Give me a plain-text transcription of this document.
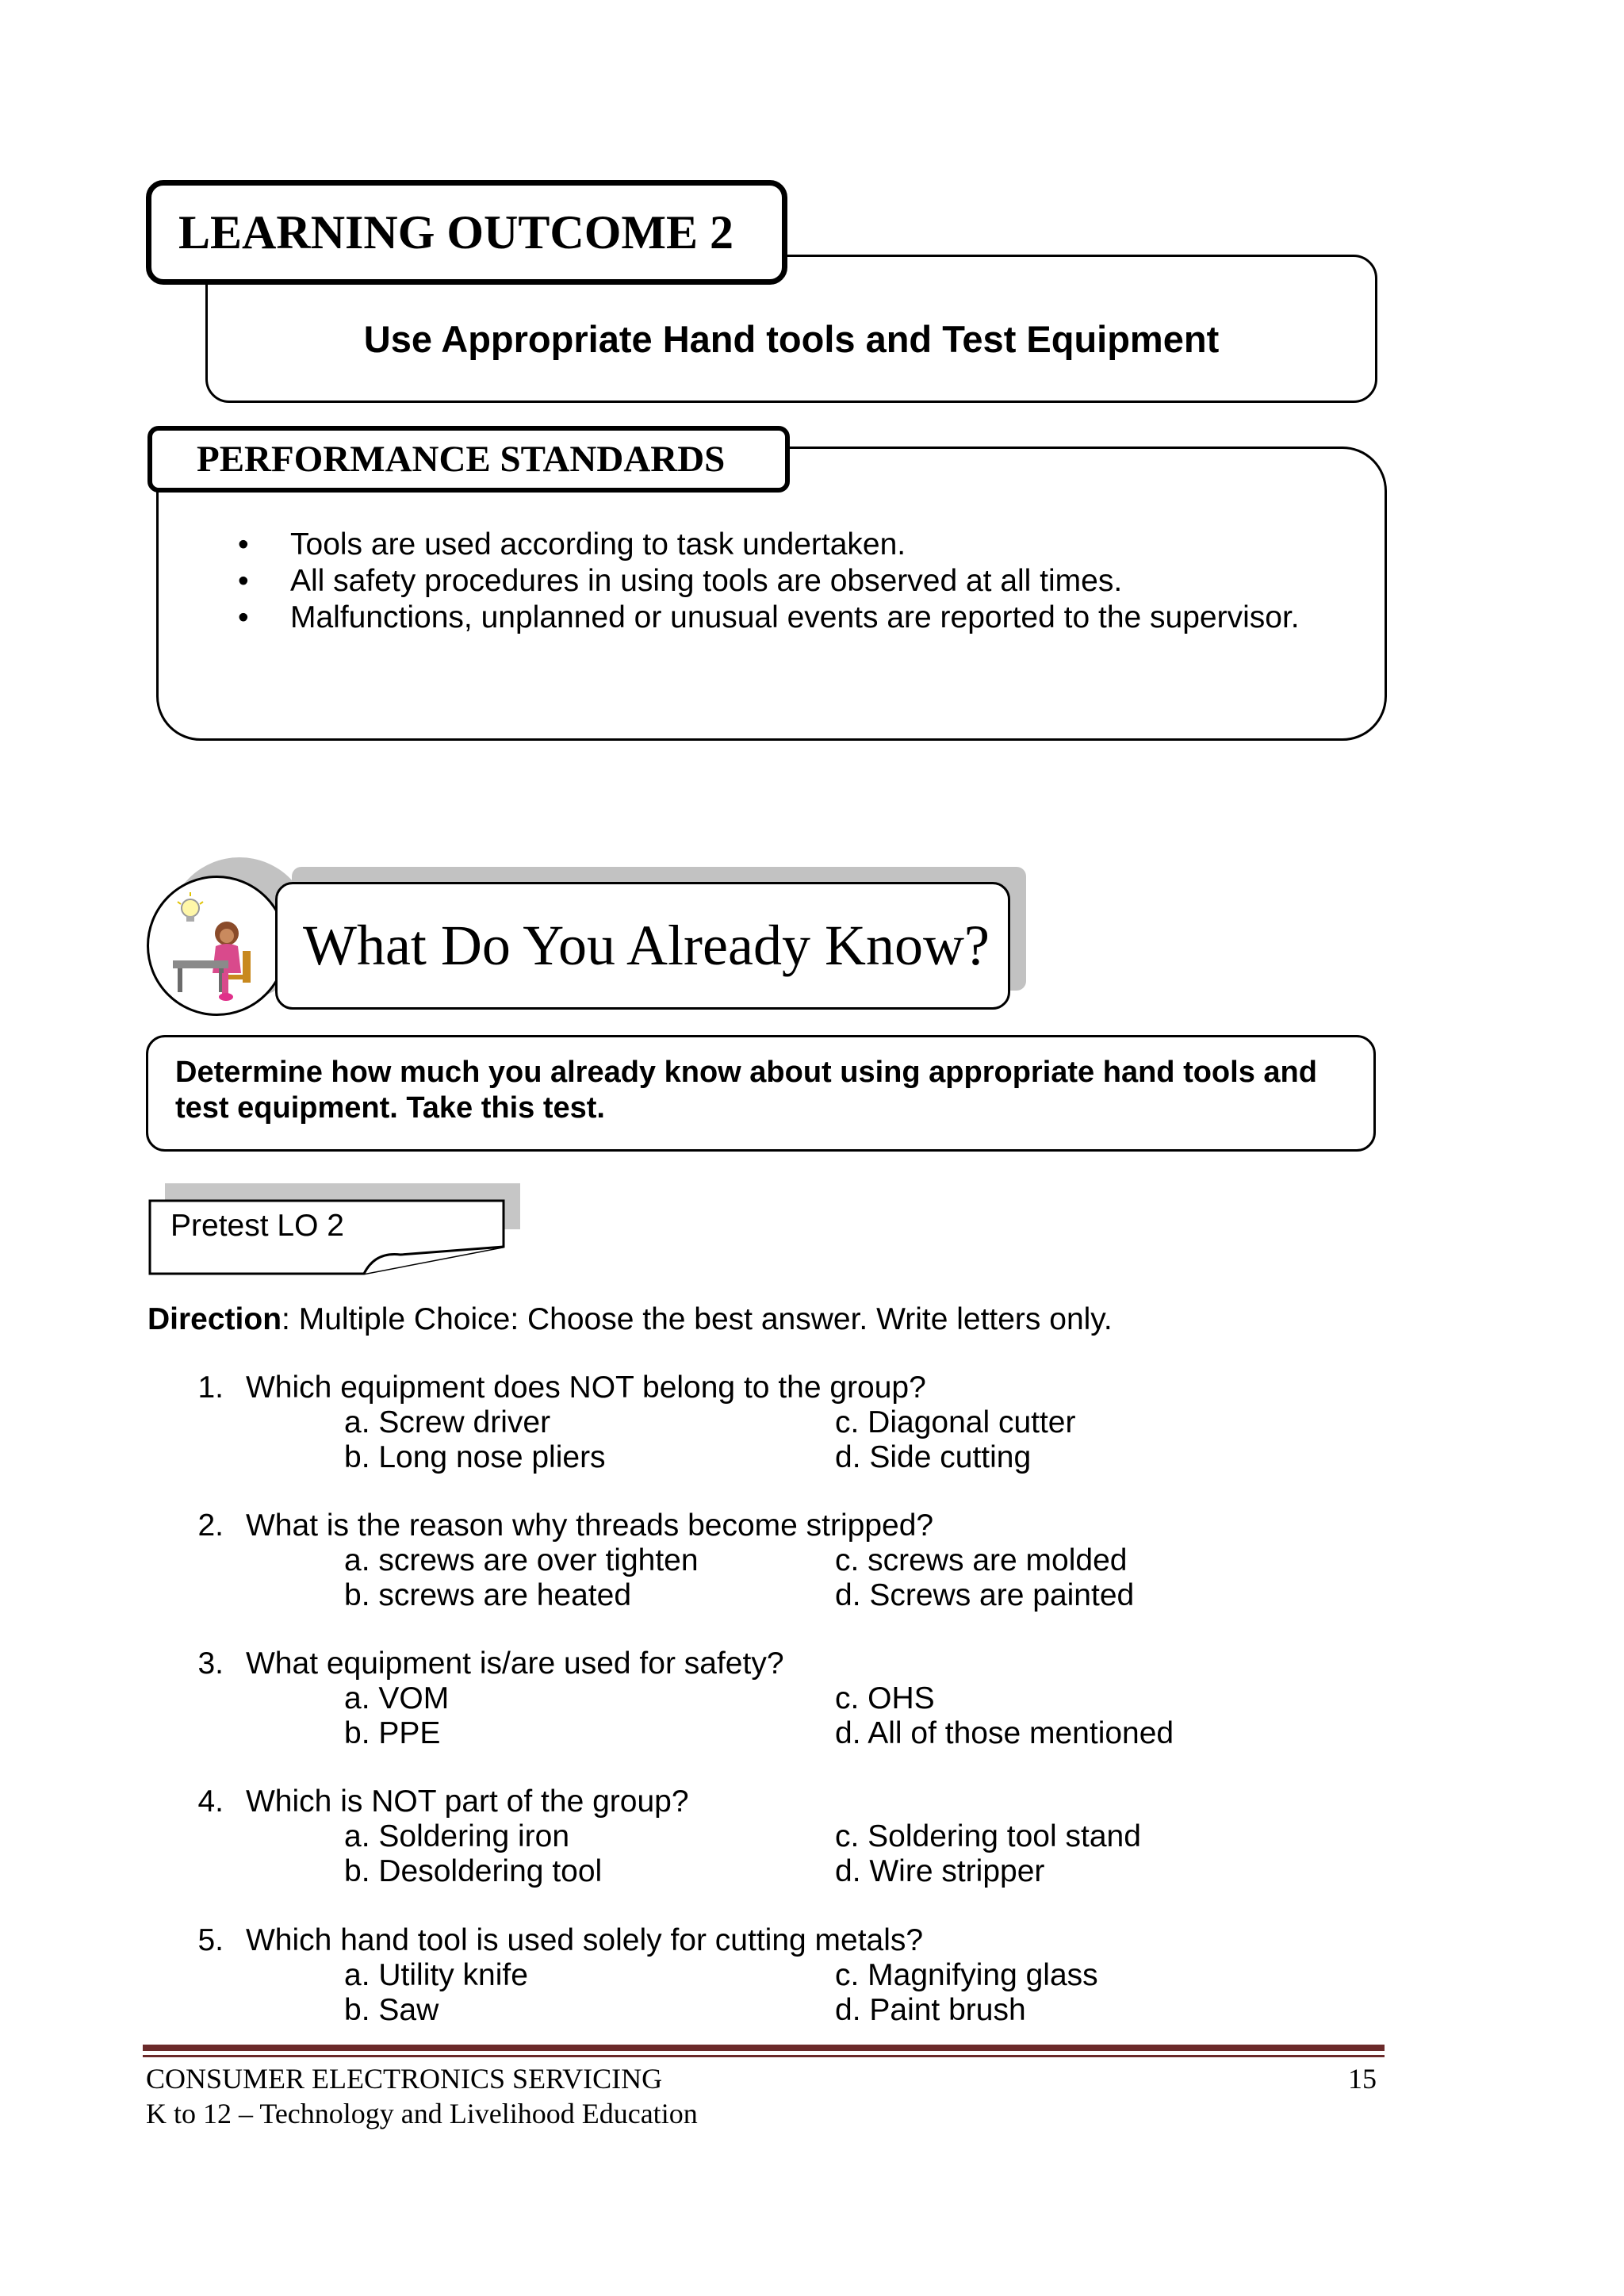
Use Appropriate Hand tools and Test Equipment
LEARNING OUTCOME 2
PERFORMANCE STANDARDS
• Tools are used according to task undertaken.
• All safety procedures in using tools are observed at all times.
• Malfunctions, unplanned or unusual events are reported to the supervisor.
What Do You Already Know?
Determine how much you already know about using appropriate hand tools and
test equipment. Take this test.
Pretest LO 2
Direction: Multiple Choice: Choose the best answer. Write letters only.
1. Which equipment does NOT belong to the group?
a. Screw driver
b. Long nose pliers
c. Diagonal cutter
d. Side cutting
2. What is the reason why threads become stripped?
a. screws are over tighten
b. screws are heated
c. screws are molded
d. Screws are painted
3. What equipment is/are used for safety?
a. VOM
b. PPE
c. OHS
d. All of those mentioned
4. Which is NOT part of the group?
a. Soldering iron
b. Desoldering tool
c. Soldering tool stand
d. Wire stripper
5. Which hand tool is used solely for cutting metals?
a. Utility knife
b. Saw
c. Magnifying glass
d. Paint brush
CONSUMER ELECTRONICS SERVICING
K to 12 – Technology and Livelihood Education
15
